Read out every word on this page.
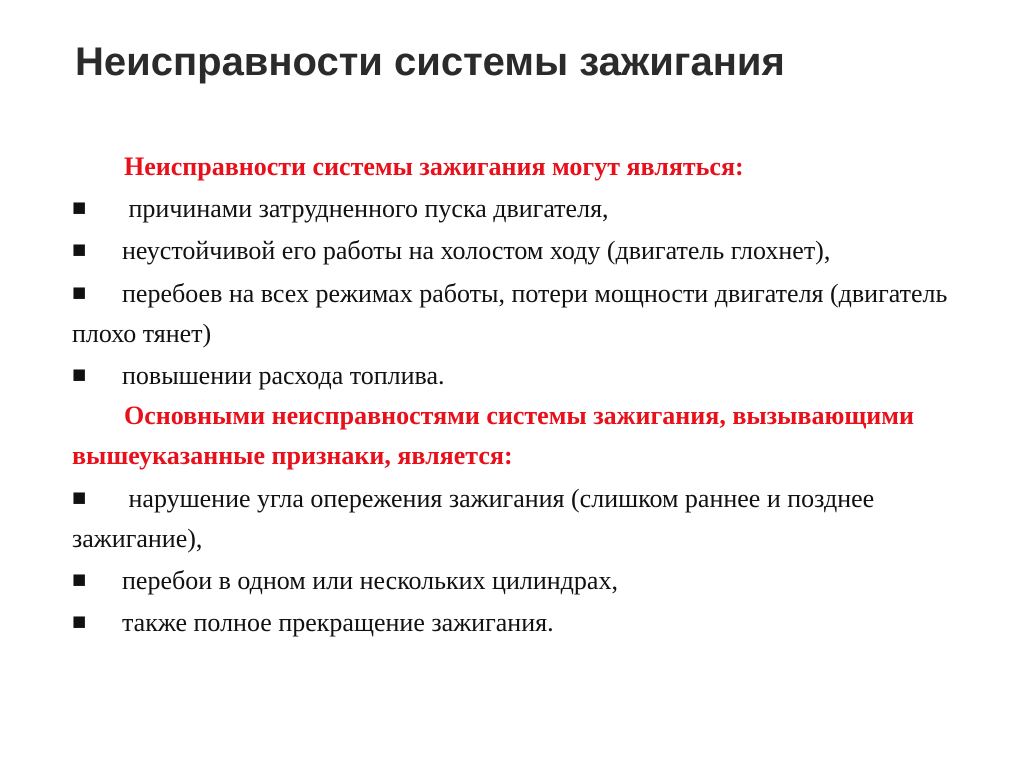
Неисправности системы зажигания
Неисправности системы зажигания могут являться:
■ причинами затрудненного пуска двигателя,
■ неустойчивой его работы на холостом ходу (двигатель глохнет),
■ перебоев на всех режимах работы, потери мощности двигателя (двигатель плохо тянет)
■ повышении расхода топлива.
Основными неисправностями системы зажигания, вызывающими вышеуказанные признаки, является:
■ нарушение угла опережения зажигания (слишком раннее и позднее зажигание),
■ перебои в одном или нескольких цилиндрах,
■ также полное прекращение зажигания.
